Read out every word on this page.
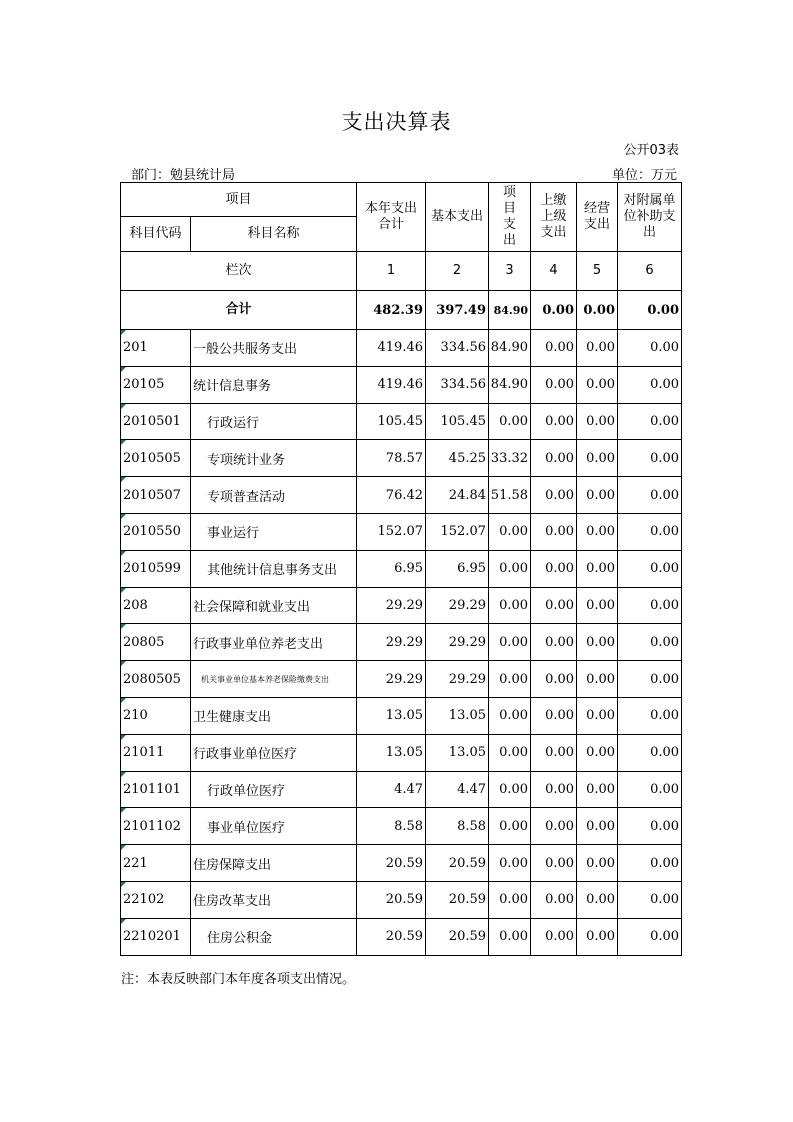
支出决算表
公开03表
部门：勉县统计局	单位：万元
项目		本年支出合计	基本支出	项目支出	上缴上级支出	经营支出	对附属单位补助支出
科目代码	科目名称						
栏次		1	2	3	4	5	6
合计		482.39	397.49	84.90	0.00	0.00	0.00
201	一般公共服务支出	419.46	334.56	84.90	0.00	0.00	0.00
20105	统计信息事务	419.46	334.56	84.90	0.00	0.00	0.00
2010501	行政运行	105.45	105.45	0.00	0.00	0.00	0.00
2010505	专项统计业务	78.57	45.25	33.32	0.00	0.00	0.00
2010507	专项普查活动	76.42	24.84	51.58	0.00	0.00	0.00
2010550	事业运行	152.07	152.07	0.00	0.00	0.00	0.00
2010599	其他统计信息事务支出	6.95	6.95	0.00	0.00	0.00	0.00
208	社会保障和就业支出	29.29	29.29	0.00	0.00	0.00	0.00
20805	行政事业单位养老支出	29.29	29.29	0.00	0.00	0.00	0.00
2080505	机关事业单位基本养老保险缴费支出	29.29	29.29	0.00	0.00	0.00	0.00
210	卫生健康支出	13.05	13.05	0.00	0.00	0.00	0.00
21011	行政事业单位医疗	13.05	13.05	0.00	0.00	0.00	0.00
2101101	行政单位医疗	4.47	4.47	0.00	0.00	0.00	0.00
2101102	事业单位医疗	8.58	8.58	0.00	0.00	0.00	0.00
221	住房保障支出	20.59	20.59	0.00	0.00	0.00	0.00
22102	住房改革支出	20.59	20.59	0.00	0.00	0.00	0.00
2210201	住房公积金	20.59	20.59	0.00	0.00	0.00	0.00
注：本表反映部门本年度各项支出情况。
